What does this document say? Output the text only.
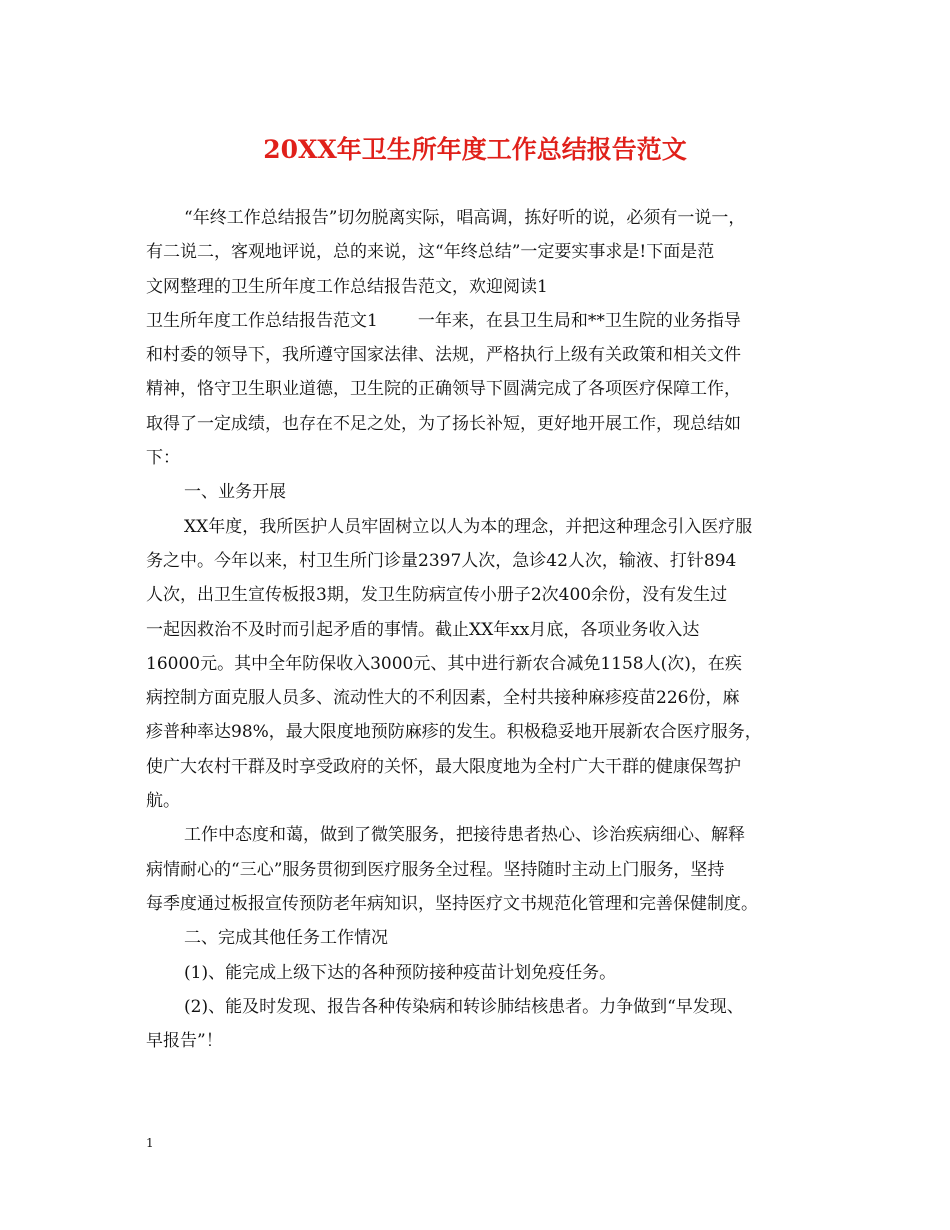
20XX年卫生所年度工作总结报告范文

“年终工作总结报告”切勿脱离实际，唱高调，拣好听的说，必须有一说一，

有二说二，客观地评说，总的来说，这“年终总结”一定要实事求是!下面是范

文网整理的卫生所年度工作总结报告范文，欢迎阅读1

卫生所年度工作总结报告范文1 一年来，在县卫生局和**卫生院的业务指导

和村委的领导下，我所遵守国家法律、法规，严格执行上级有关政策和相关文件

精神，恪守卫生职业道德，卫生院的正确领导下圆满完成了各项医疗保障工作，

取得了一定成绩，也存在不足之处，为了扬长补短，更好地开展工作，现总结如

下：

一、业务开展

XX年度，我所医护人员牢固树立以人为本的理念，并把这种理念引入医疗服

务之中。今年以来，村卫生所门诊量2397人次，急诊42人次，输液、打针894

人次，出卫生宣传板报3期，发卫生防病宣传小册子2次400余份，没有发生过

一起因救治不及时而引起矛盾的事情。截止XX年xx月底，各项业务收入达

16000元。其中全年防保收入3000元、其中进行新农合减免1158人(次)，在疾

病控制方面克服人员多、流动性大的不利因素，全村共接种麻疹疫苗226份，麻

疹普种率达98%，最大限度地预防麻疹的发生。积极稳妥地开展新农合医疗服务，

使广大农村干群及时享受政府的关怀，最大限度地为全村广大干群的健康保驾护

航。

工作中态度和蔼，做到了微笑服务，把接待患者热心、诊治疾病细心、解释

病情耐心的“三心”服务贯彻到医疗服务全过程。坚持随时主动上门服务，坚持

每季度通过板报宣传预防老年病知识，坚持医疗文书规范化管理和完善保健制度。

二、完成其他任务工作情况

(1)、能完成上级下达的各种预防接种疫苗计划免疫任务。

(2)、能及时发现、报告各种传染病和转诊肺结核患者。力争做到“早发现、

早报告”！

1
